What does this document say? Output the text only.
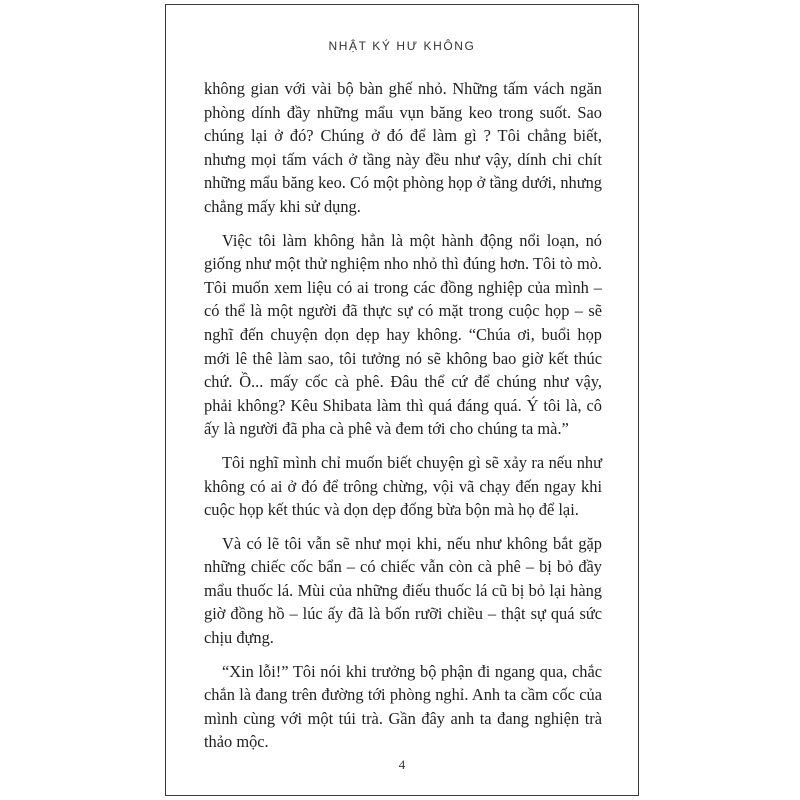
NHẬT KÝ HƯ KHÔNG

không gian với vài bộ bàn ghế nhỏ. Những tấm vách ngăn phòng dính đầy những mẩu vụn băng keo trong suốt. Sao chúng lại ở đó? Chúng ở đó để làm gì ? Tôi chẳng biết, nhưng mọi tấm vách ở tầng này đều như vậy, dính chi chít những mẩu băng keo. Có một phòng họp ở tầng dưới, nhưng chẳng mấy khi sử dụng.

Việc tôi làm không hẳn là một hành động nổi loạn, nó giống như một thử nghiệm nho nhỏ thì đúng hơn. Tôi tò mò. Tôi muốn xem liệu có ai trong các đồng nghiệp của mình – có thể là một người đã thực sự có mặt trong cuộc họp – sẽ nghĩ đến chuyện dọn dẹp hay không. “Chúa ơi, buổi họp mới lê thê làm sao, tôi tưởng nó sẽ không bao giờ kết thúc chứ. Ồ... mấy cốc cà phê. Đâu thể cứ để chúng như vậy, phải không? Kêu Shibata làm thì quá đáng quá. Ý tôi là, cô ấy là người đã pha cà phê và đem tới cho chúng ta mà.”

Tôi nghĩ mình chỉ muốn biết chuyện gì sẽ xảy ra nếu như không có ai ở đó để trông chừng, vội vã chạy đến ngay khi cuộc họp kết thúc và dọn dẹp đống bừa bộn mà họ để lại.

Và có lẽ tôi vẫn sẽ như mọi khi, nếu như không bắt gặp những chiếc cốc bẩn – có chiếc vẫn còn cà phê – bị bỏ đầy mẩu thuốc lá. Mùi của những điếu thuốc lá cũ bị bỏ lại hàng giờ đồng hồ – lúc ấy đã là bốn rưỡi chiều – thật sự quá sức chịu đựng.

“Xin lỗi!” Tôi nói khi trưởng bộ phận đi ngang qua, chắc chắn là đang trên đường tới phòng nghỉ. Anh ta cầm cốc của mình cùng với một túi trà. Gần đây anh ta đang nghiện trà thảo mộc.

4
